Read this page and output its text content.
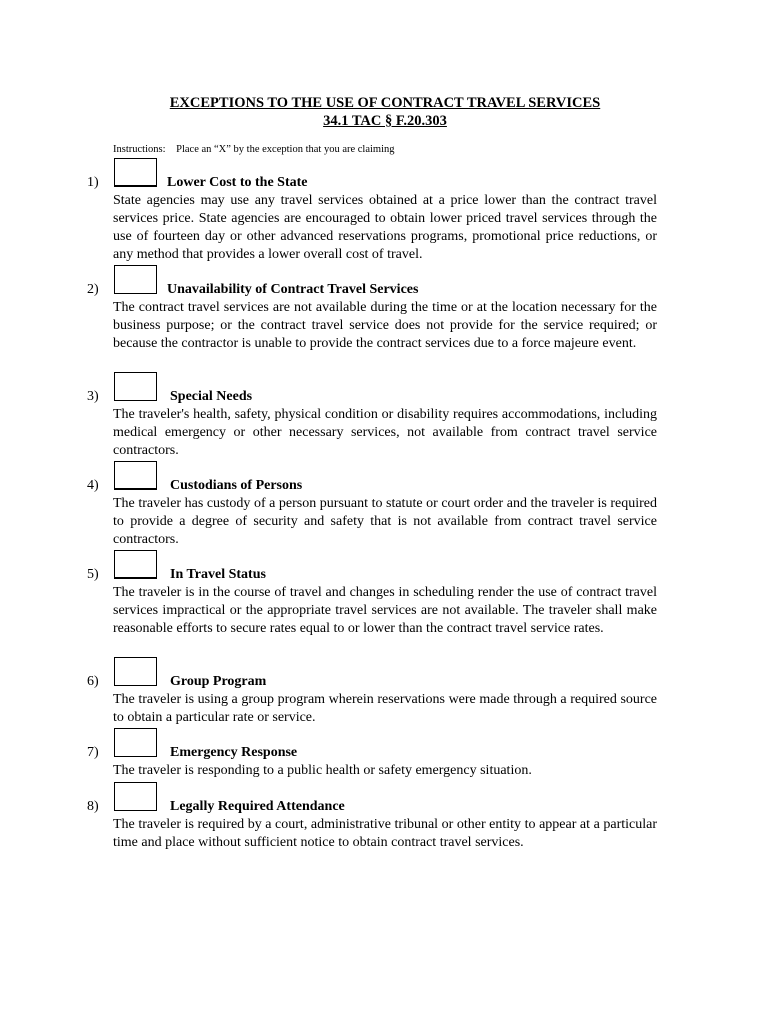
EXCEPTIONS TO THE USE OF CONTRACT TRAVEL SERVICES
34.1 TAC § F.20.303
Instructions: Place an “X” by the exception that you are claiming
1)	Lower Cost to the State
State agencies may use any travel services obtained at a price lower than the contract travel services price. State agencies are encouraged to obtain lower priced travel services through the use of fourteen day or other advanced reservations programs, promotional price reductions, or any method that provides a lower overall cost of travel.
2)	Unavailability of Contract Travel Services
The contract travel services are not available during the time or at the location necessary for the business purpose; or the contract travel service does not provide for the service required; or because the contractor is unable to provide the contract services due to a force majeure event.
3)	Special Needs
The traveler's health, safety, physical condition or disability requires accommodations, including medical emergency or other necessary services, not available from contract travel service contractors.
4)	Custodians of Persons
The traveler has custody of a person pursuant to statute or court order and the traveler is required to provide a degree of security and safety that is not available from contract travel service contractors.
5)	In Travel Status
The traveler is in the course of travel and changes in scheduling render the use of contract travel services impractical or the appropriate travel services are not available. The traveler shall make reasonable efforts to secure rates equal to or lower than the contract travel service rates.
6)	Group Program
The traveler is using a group program wherein reservations were made through a required source to obtain a particular rate or service.
7)	Emergency Response
The traveler is responding to a public health or safety emergency situation.
8)	Legally Required Attendance
The traveler is required by a court, administrative tribunal or other entity to appear at a particular time and place without sufficient notice to obtain contract travel services.
